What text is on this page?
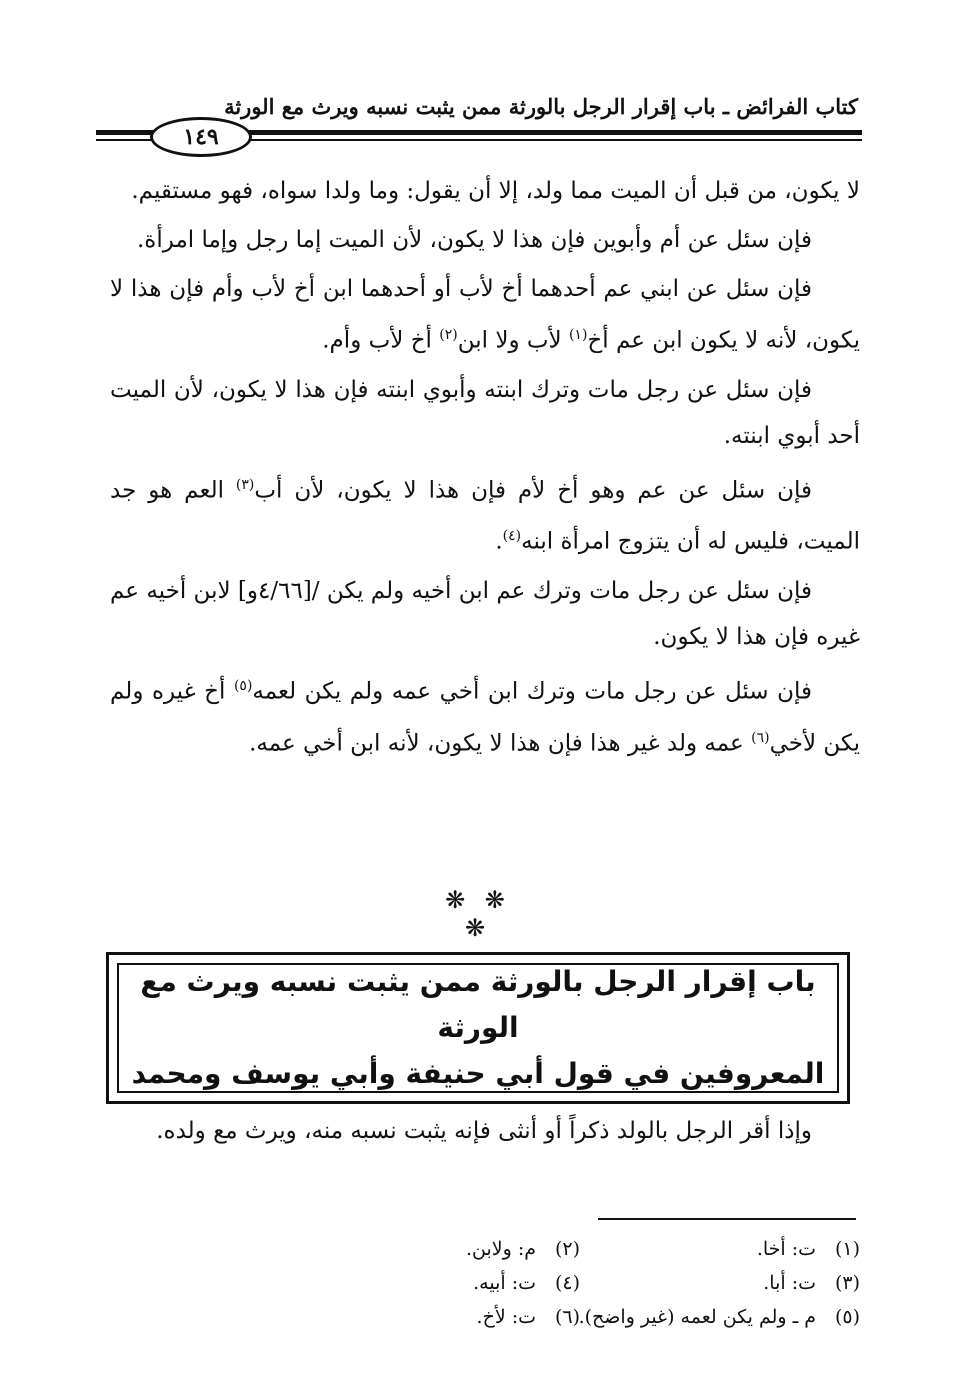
كتاب الفرائض ـ باب إقرار الرجل بالورثة ممن يثبت نسبه ويرث مع الورثة
١٤٩

لا يكون، من قبل أن الميت مما ولد، إلا أن يقول: وما ولدا سواه، فهو مستقيم.

فإن سئل عن أم وأبوين فإن هذا لا يكون، لأن الميت إما رجل وإما امرأة.

فإن سئل عن ابني عم أحدهما أخ لأب أو أحدهما ابن أخ لأب وأم فإن هذا لا يكون، لأنه لا يكون ابن عم أخ$^{(١)}$ لأب ولا ابن$^{(٢)}$ أخ لأب وأم.

فإن سئل عن رجل مات وترك ابنته وأبوي ابنته فإن هذا لا يكون، لأن الميت أحد أبوي ابنته.

فإن سئل عن عم وهو أخ لأم فإن هذا لا يكون، لأن أب$^{(٣)}$ العم هو جد الميت، فليس له أن يتزوج امرأة ابنه$^{(٤)}$.

فإن سئل عن رجل مات وترك عم ابن أخيه ولم يكن /[٤/٦٦و] لابن أخيه عم غيره فإن هذا لا يكون.

فإن سئل عن رجل مات وترك ابن أخي عمه ولم يكن لعمه$^{(٥)}$ أخ غيره ولم يكن لأخي$^{(٦)}$ عمه ولد غير هذا فإن هذا لا يكون، لأنه ابن أخي عمه.

❋ ❋ ❋
باب إقرار الرجل بالورثة ممن يثبت نسبه ويرث مع الورثة
المعروفين في قول أبي حنيفة وأبي يوسف ومحمد

وإذا أقر الرجل بالولد ذكراً أو أنثى فإنه يثبت نسبه منه، ويرث مع ولده.

(١)ت: أخا.
(٢)م: ولابن.
(٣)ت: أبا.
(٤)ت: أبيه.
(٥)م ـ ولم يكن لعمه (غير واضح).
(٦)ت: لأخ.
